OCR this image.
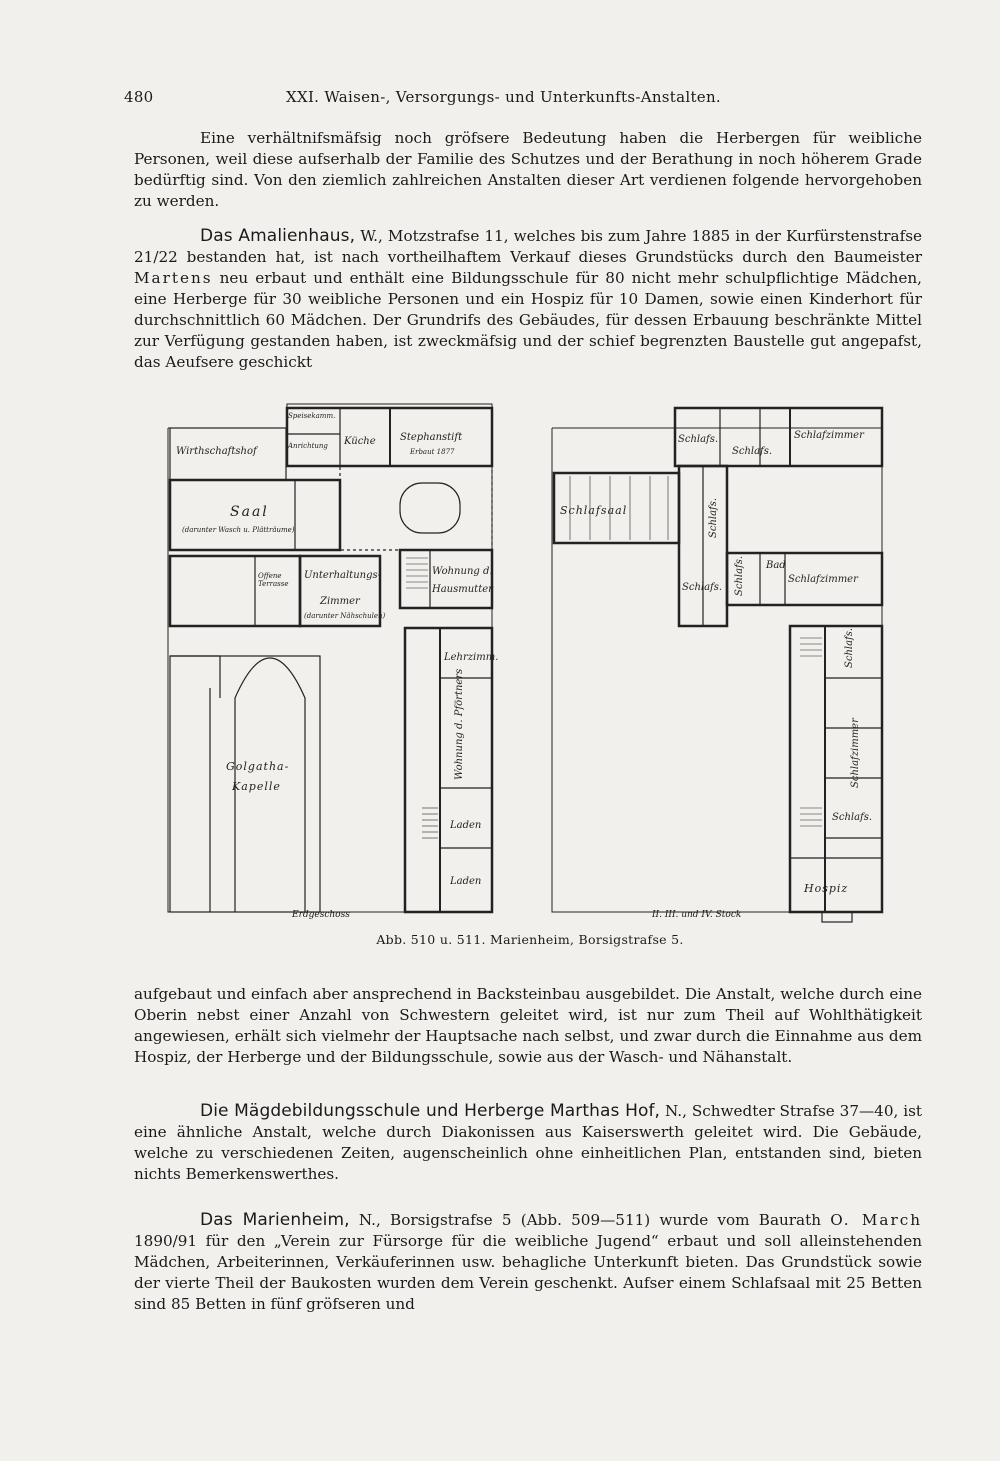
480	XXI. Waisen-, Versorgungs- und Unterkunfts-Anstalten.

Eine verhältnifsmäfsig noch gröfsere Bedeutung haben die Herbergen für weibliche Personen, weil diese aufserhalb der Familie des Schutzes und der Berathung in noch höherem Grade bedürftig sind. Von den ziemlich zahlreichen Anstalten dieser Art verdienen folgende hervorgehoben zu werden.

Das Amalienhaus, W., Motzstrafse 11, welches bis zum Jahre 1885 in der Kurfürstenstrafse 21/22 bestanden hat, ist nach vortheilhaftem Verkauf dieses Grundstücks durch den Baumeister Martens neu erbaut und enthält eine Bildungsschule für 80 nicht mehr schulpflichtige Mädchen, eine Herberge für 30 weibliche Personen und ein Hospiz für 10 Damen, sowie einen Kinderhort für durchschnittlich 60 Mädchen. Der Grundrifs des Gebäudes, für dessen Erbauung beschränkte Mittel zur Verfügung gestanden haben, ist zweckmäfsig und der schief begrenzten Baustelle gut angepafst, das Aeufsere geschickt

Wirthschaftshof
Speisekamm.
Anrichtung Küche Stephanstift
Erbaut 1877
Saal
(darunter Wasch u. Plätträume)
Offene Terrasse
Unterhaltungs-
Zimmer
(darunter Nähschulen)
Wohnung d.
Hausmutter
Lehrzimm.
Wohnung d. Pförtners
Golgatha-
Kapelle
Laden
Laden
Schlafs.
Schlafs.
Schlafzimmer
Schlafsaal	Schlafs.
Schlafs. Schlafs. Bad
Schlafzimmer
Schlafs.
Schlafzimmer
Schlafs.
Hospiz
Erdgeschoss	II. III. und IV. Stock
Abb. 510 u. 511. Marienheim, Borsigstrafse 5.

aufgebaut und einfach aber ansprechend in Backsteinbau ausgebildet. Die Anstalt, welche durch eine Oberin nebst einer Anzahl von Schwestern geleitet wird, ist nur zum Theil auf Wohlthätigkeit angewiesen, erhält sich vielmehr der Hauptsache nach selbst, und zwar durch die Einnahme aus dem Hospiz, der Herberge und der Bildungsschule, sowie aus der Wasch- und Nähanstalt.

Die Mägdebildungsschule und Herberge Marthas Hof, N., Schwedter Strafse 37—40, ist eine ähnliche Anstalt, welche durch Diakonissen aus Kaiserswerth geleitet wird. Die Gebäude, welche zu verschiedenen Zeiten, augenscheinlich ohne einheitlichen Plan, entstanden sind, bieten nichts Bemerkenswerthes.

Das Marienheim, N., Borsigstrafse 5 (Abb. 509—511) wurde vom Baurath O. March 1890/91 für den „Verein zur Fürsorge für die weibliche Jugend“ erbaut und soll alleinstehenden Mädchen, Arbeiterinnen, Verkäuferinnen usw. behagliche Unterkunft bieten. Das Grundstück sowie der vierte Theil der Baukosten wurden dem Verein geschenkt. Aufser einem Schlafsaal mit 25 Betten sind 85 Betten in fünf gröfseren und
